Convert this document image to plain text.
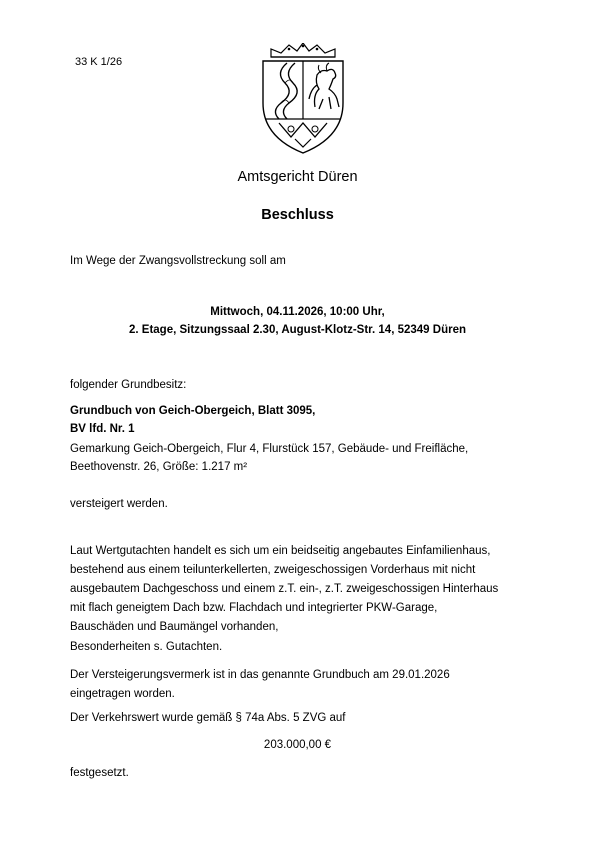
33 K 1/26
Amtsgericht Düren
Beschluss
Im Wege der Zwangsvollstreckung soll am
Mittwoch, 04.11.2026, 10:00 Uhr,
2. Etage, Sitzungssaal 2.30, August-Klotz-Str. 14, 52349 Düren
folgender Grundbesitz:
Grundbuch von Geich-Obergeich, Blatt 3095,
BV lfd. Nr. 1
Gemarkung Geich-Obergeich, Flur 4, Flurstück 157, Gebäude- und Freifläche,
Beethovenstr. 26, Größe: 1.217 m²
versteigert werden.
Laut Wertgutachten handelt es sich um ein beidseitig angebautes Einfamilienhaus,
bestehend aus einem teilunterkellerten, zweigeschossigen Vorderhaus mit nicht
ausgebautem Dachgeschoss und einem z.T. ein-, z.T. zweigeschossigen Hinterhaus
mit flach geneigtem Dach bzw. Flachdach und integrierter PKW-Garage,
Bauschäden und Baumängel vorhanden,
Besonderheiten s. Gutachten.
Der Versteigerungsvermerk ist in das genannte Grundbuch am 29.01.2026
eingetragen worden.
Der Verkehrswert wurde gemäß § 74a Abs. 5 ZVG auf
203.000,00 €
festgesetzt.
